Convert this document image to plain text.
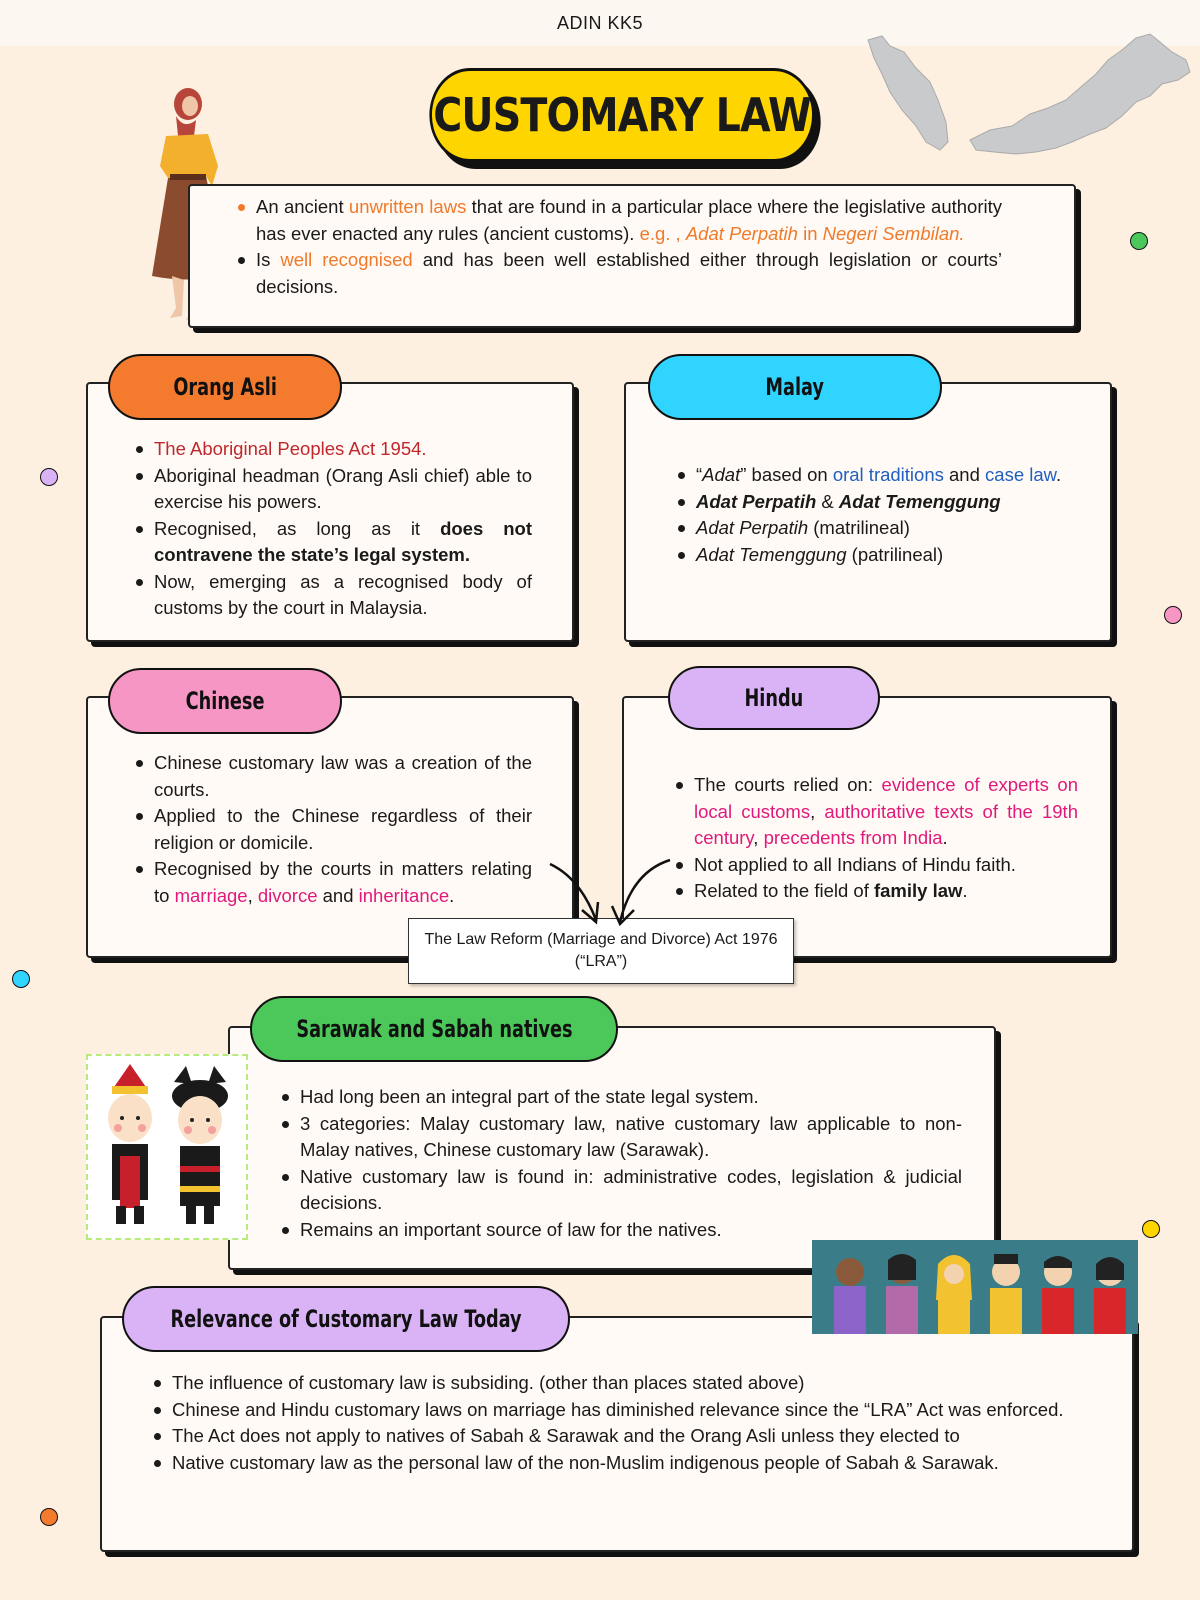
ADIN KK5
CUSTOMARY LAW
An ancient unwritten laws that are found in a particular place where the legislative authority has ever enacted any rules (ancient customs). e.g. , Adat Perpatih in Negeri Sembilan.
Is well recognised and has been well established either through legislation or courts’ decisions.
The Aboriginal Peoples Act 1954.
Aboriginal headman (Orang Asli chief) able to exercise his powers.
Recognised, as long as it does not contravene the state’s legal system.
Now, emerging as a recognised body of customs by the court in Malaysia.
Orang Asli
“Adat” based on oral traditions and case law.
Adat Perpatih & Adat Temenggung
Adat Perpatih (matrilineal)
Adat Temenggung (patrilineal)
Malay
Chinese customary law was a creation of the courts.
Applied to the Chinese regardless of their religion or domicile.
Recognised by the courts in matters relating to marriage, divorce and inheritance.
Chinese
The courts relied on: evidence of experts on local customs, authoritative texts of the 19th century, precedents from India.
Not applied to all Indians of Hindu faith.
Related to the field of family law.
Hindu
The Law Reform (Marriage and Divorce) Act 1976 (“LRA”)
Had long been an integral part of the state legal system.
3 categories: Malay customary law, native customary law applicable to non-Malay natives, Chinese customary law (Sarawak).
Native customary law is found in: administrative codes, legislation & judicial decisions.
Remains an important source of law for the natives.
Sarawak and Sabah natives
The influence of customary law is subsiding. (other than places stated above)
Chinese and Hindu customary laws on marriage has diminished relevance since the “LRA” Act was enforced.
The Act does not apply to natives of Sabah & Sarawak and the Orang Asli unless they elected to
Native customary law as the personal law of the non-Muslim indigenous people of Sabah & Sarawak.
Relevance of Customary Law Today
